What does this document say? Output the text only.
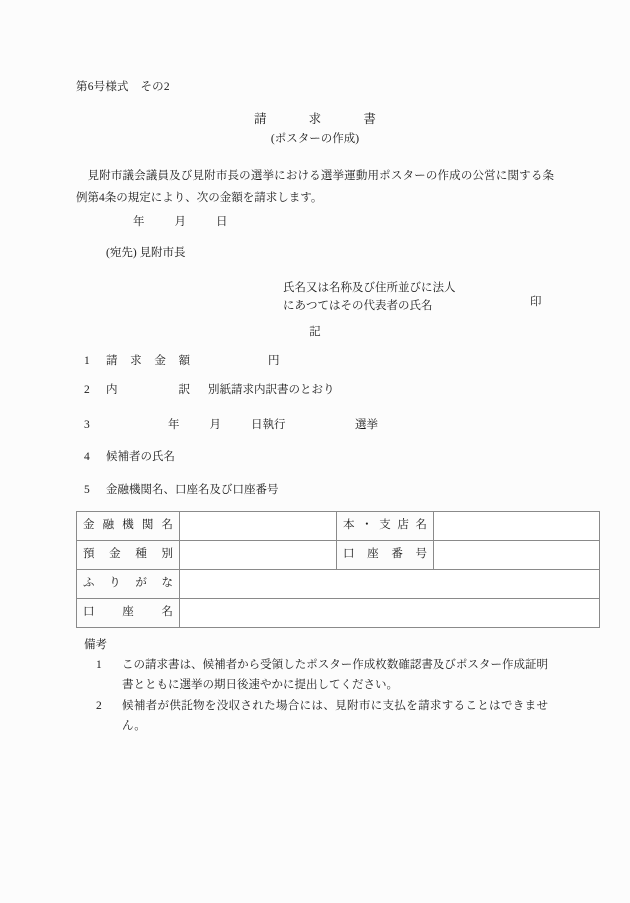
第6号様式　その2
請	求	書
(ポスターの作成)
見附市議会議員及び見附市長の選挙における選挙運動用ポスターの作成の公営に関する条例第4条の規定により、次の金額を請求します。
年	月	日
(宛先) 見附市長
氏名又は名称及び住所並びに法人
にあつてはその代表者の氏名	印
記
1 請求金額	円
2 内訳 別紙請求内訳書のとおり
3	年	月	日執行	選挙
4 候補者の氏名
5 金融機関名、口座名及び口座番号
金融機関名		本・支店名	
預金種別		口座番号	
ふりがな			
口座名			
備考
1	この請求書は、候補者から受領したポスター作成枚数確認書及びポスター作成証明書とともに選挙の期日後速やかに提出してください。
2	候補者が供託物を没収された場合には、見附市に支払を請求することはできません。
